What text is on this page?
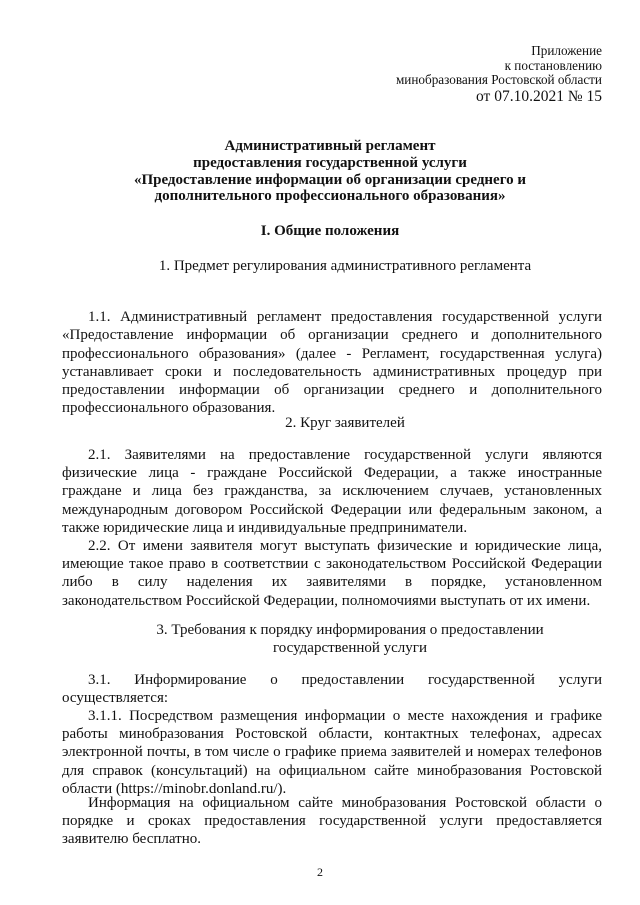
Приложение
к постановлению
минобразования Ростовской области
от 07.10.2021 № 15
Административный регламент
предоставления государственной услуги
«Предоставление информации об организации среднего и
дополнительного профессионального образования»
I. Общие положения
1. Предмет регулирования административного регламента
1.1. Административный регламент предоставления государственной услуги «Предоставление информации об организации среднего и дополнительного профессионального образования» (далее - Регламент, государственная услуга) устанавливает сроки и последовательность административных процедур при предоставлении информации об организации среднего и дополнительного профессионального образования.
2. Круг заявителей
2.1. Заявителями на предоставление государственной услуги являются физические лица - граждане Российской Федерации, а также иностранные граждане и лица без гражданства, за исключением случаев, установленных международным договором Российской Федерации или федеральным законом, а также юридические лица и индивидуальные предприниматели.
2.2. От имени заявителя могут выступать физические и юридические лица, имеющие такое право в соответствии с законодательством Российской Федерации либо в силу наделения их заявителями в порядке, установленном законодательством Российской Федерации, полномочиями выступать от их имени.
3. Требования к порядку информирования о предоставлении
государственной услуги
3.1. Информирование о предоставлении государственной услуги осуществляется:
3.1.1. Посредством размещения информации о месте нахождения и графике работы минобразования Ростовской области, контактных телефонах, адресах электронной почты, в том числе о графике приема заявителей и номерах телефонов для справок (консультаций) на официальном сайте минобразования Ростовской области (https://minobr.donland.ru/).
Информация на официальном сайте минобразования Ростовской области о порядке и сроках предоставления государственной услуги предоставляется заявителю бесплатно.
2
